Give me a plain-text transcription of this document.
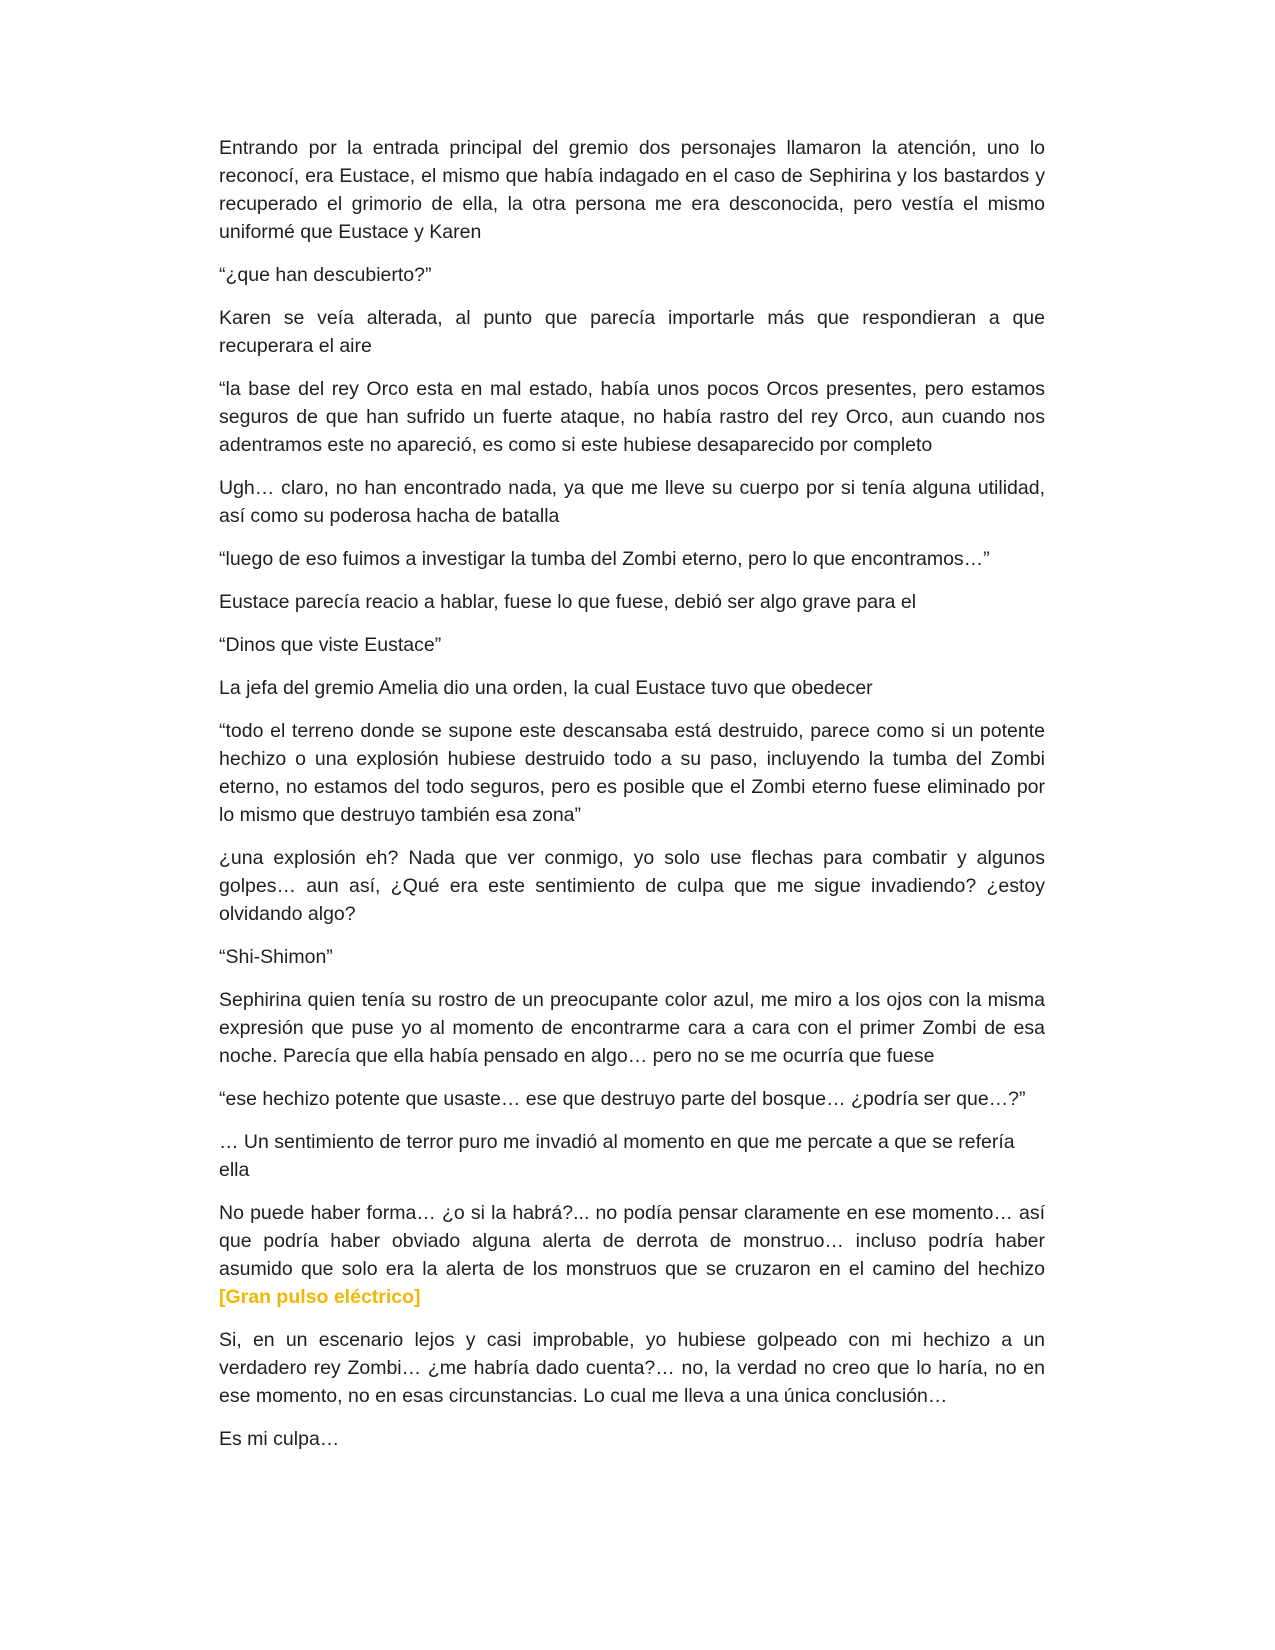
Entrando por la entrada principal del gremio dos personajes llamaron la atención, uno lo reconocí, era Eustace, el mismo que había indagado en el caso de Sephirina y los bastardos y recuperado el grimorio de ella, la otra persona me era desconocida, pero vestía el mismo uniformé que Eustace y Karen

“¿que han descubierto?”

Karen se veía alterada, al punto que parecía importarle más que respondieran a que recuperara el aire

“la base del rey Orco esta en mal estado, había unos pocos Orcos presentes, pero estamos seguros de que han sufrido un fuerte ataque, no había rastro del rey Orco, aun cuando nos adentramos este no apareció, es como si este hubiese desaparecido por completo

Ugh… claro, no han encontrado nada, ya que me lleve su cuerpo por si tenía alguna utilidad, así como su poderosa hacha de batalla

“luego de eso fuimos a investigar la tumba del Zombi eterno, pero lo que encontramos…”

Eustace parecía reacio a hablar, fuese lo que fuese, debió ser algo grave para el

“Dinos que viste Eustace”

La jefa del gremio Amelia dio una orden, la cual Eustace tuvo que obedecer

“todo el terreno donde se supone este descansaba está destruido, parece como si un potente hechizo o una explosión hubiese destruido todo a su paso, incluyendo la tumba del Zombi eterno, no estamos del todo seguros, pero es posible que el Zombi eterno fuese eliminado por lo mismo que destruyo también esa zona”

¿una explosión eh? Nada que ver conmigo, yo solo use flechas para combatir y algunos golpes… aun así, ¿Qué era este sentimiento de culpa que me sigue invadiendo? ¿estoy olvidando algo?

“Shi-Shimon”

Sephirina quien tenía su rostro de un preocupante color azul, me miro a los ojos con la misma expresión que puse yo al momento de encontrarme cara a cara con el primer Zombi de esa noche. Parecía que ella había pensado en algo… pero no se me ocurría que fuese

“ese hechizo potente que usaste… ese que destruyo parte del bosque… ¿podría ser que…?”

… Un sentimiento de terror puro me invadió al momento en que me percate a que se refería ella

No puede haber forma… ¿o si la habrá?... no podía pensar claramente en ese momento… así que podría haber obviado alguna alerta de derrota de monstruo… incluso podría haber asumido que solo era la alerta de los monstruos que se cruzaron en el camino del hechizo [Gran pulso eléctrico]

Si, en un escenario lejos y casi improbable, yo hubiese golpeado con mi hechizo a un verdadero rey Zombi… ¿me habría dado cuenta?… no, la verdad no creo que lo haría, no en ese momento, no en esas circunstancias. Lo cual me lleva a una única conclusión…

Es mi culpa…
